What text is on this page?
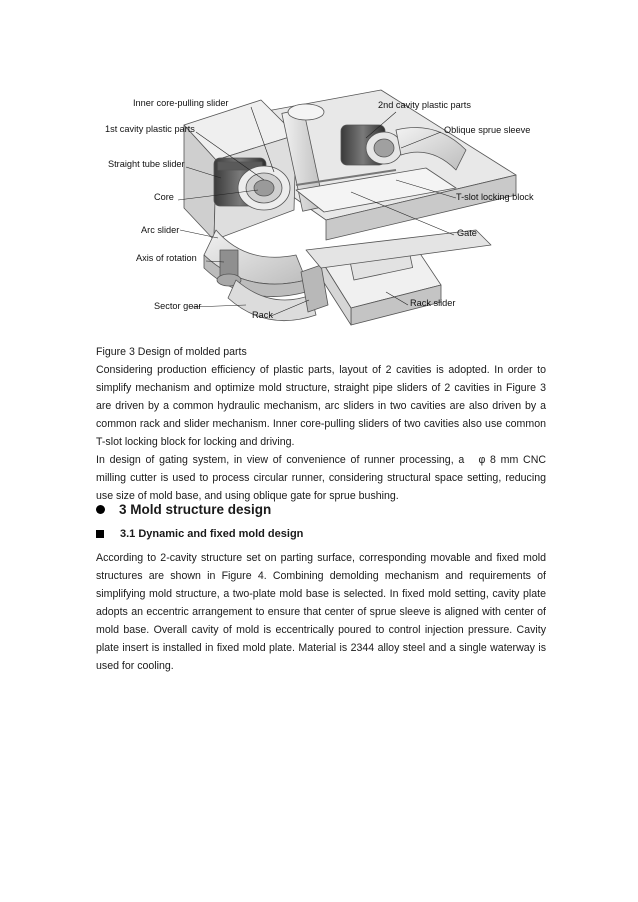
Inner core-pulling slider	2nd cavity plastic parts
1st cavity plastic parts	Oblique sprue sleeve
Straight tube slider
Core	T-slot locking block
Arc slider	Gate
Axis of rotation
Rack slider
Sector gear
Rack
Figure 3 Design of molded parts

Considering production efficiency of plastic parts, layout of 2 cavities is adopted. In order to simplify mechanism and optimize mold structure, straight pipe sliders of 2 cavities in Figure 3 are driven by a common hydraulic mechanism, arc sliders in two cavities are also driven by a common rack and slider mechanism. Inner core-pulling sliders of two cavities also use common T-slot locking block for locking and driving.

In design of gating system, in view of convenience of runner processing, a   φ 8 mm CNC milling cutter is used to process circular runner, considering structural space setting, reducing use size of mold base, and using oblique gate for sprue bushing.

3 Mold structure design
3.1 Dynamic and fixed mold design

According to 2-cavity structure set on parting surface, corresponding movable and fixed mold structures are shown in Figure 4. Combining demolding mechanism and requirements of simplifying mold structure, a two-plate mold base is selected. In fixed mold setting, cavity plate adopts an eccentric arrangement to ensure that center of sprue sleeve is aligned with center of mold base. Overall cavity of mold is eccentrically poured to control injection pressure. Cavity plate insert is installed in fixed mold plate. Material is 2344 alloy steel and a single waterway is used for cooling.
